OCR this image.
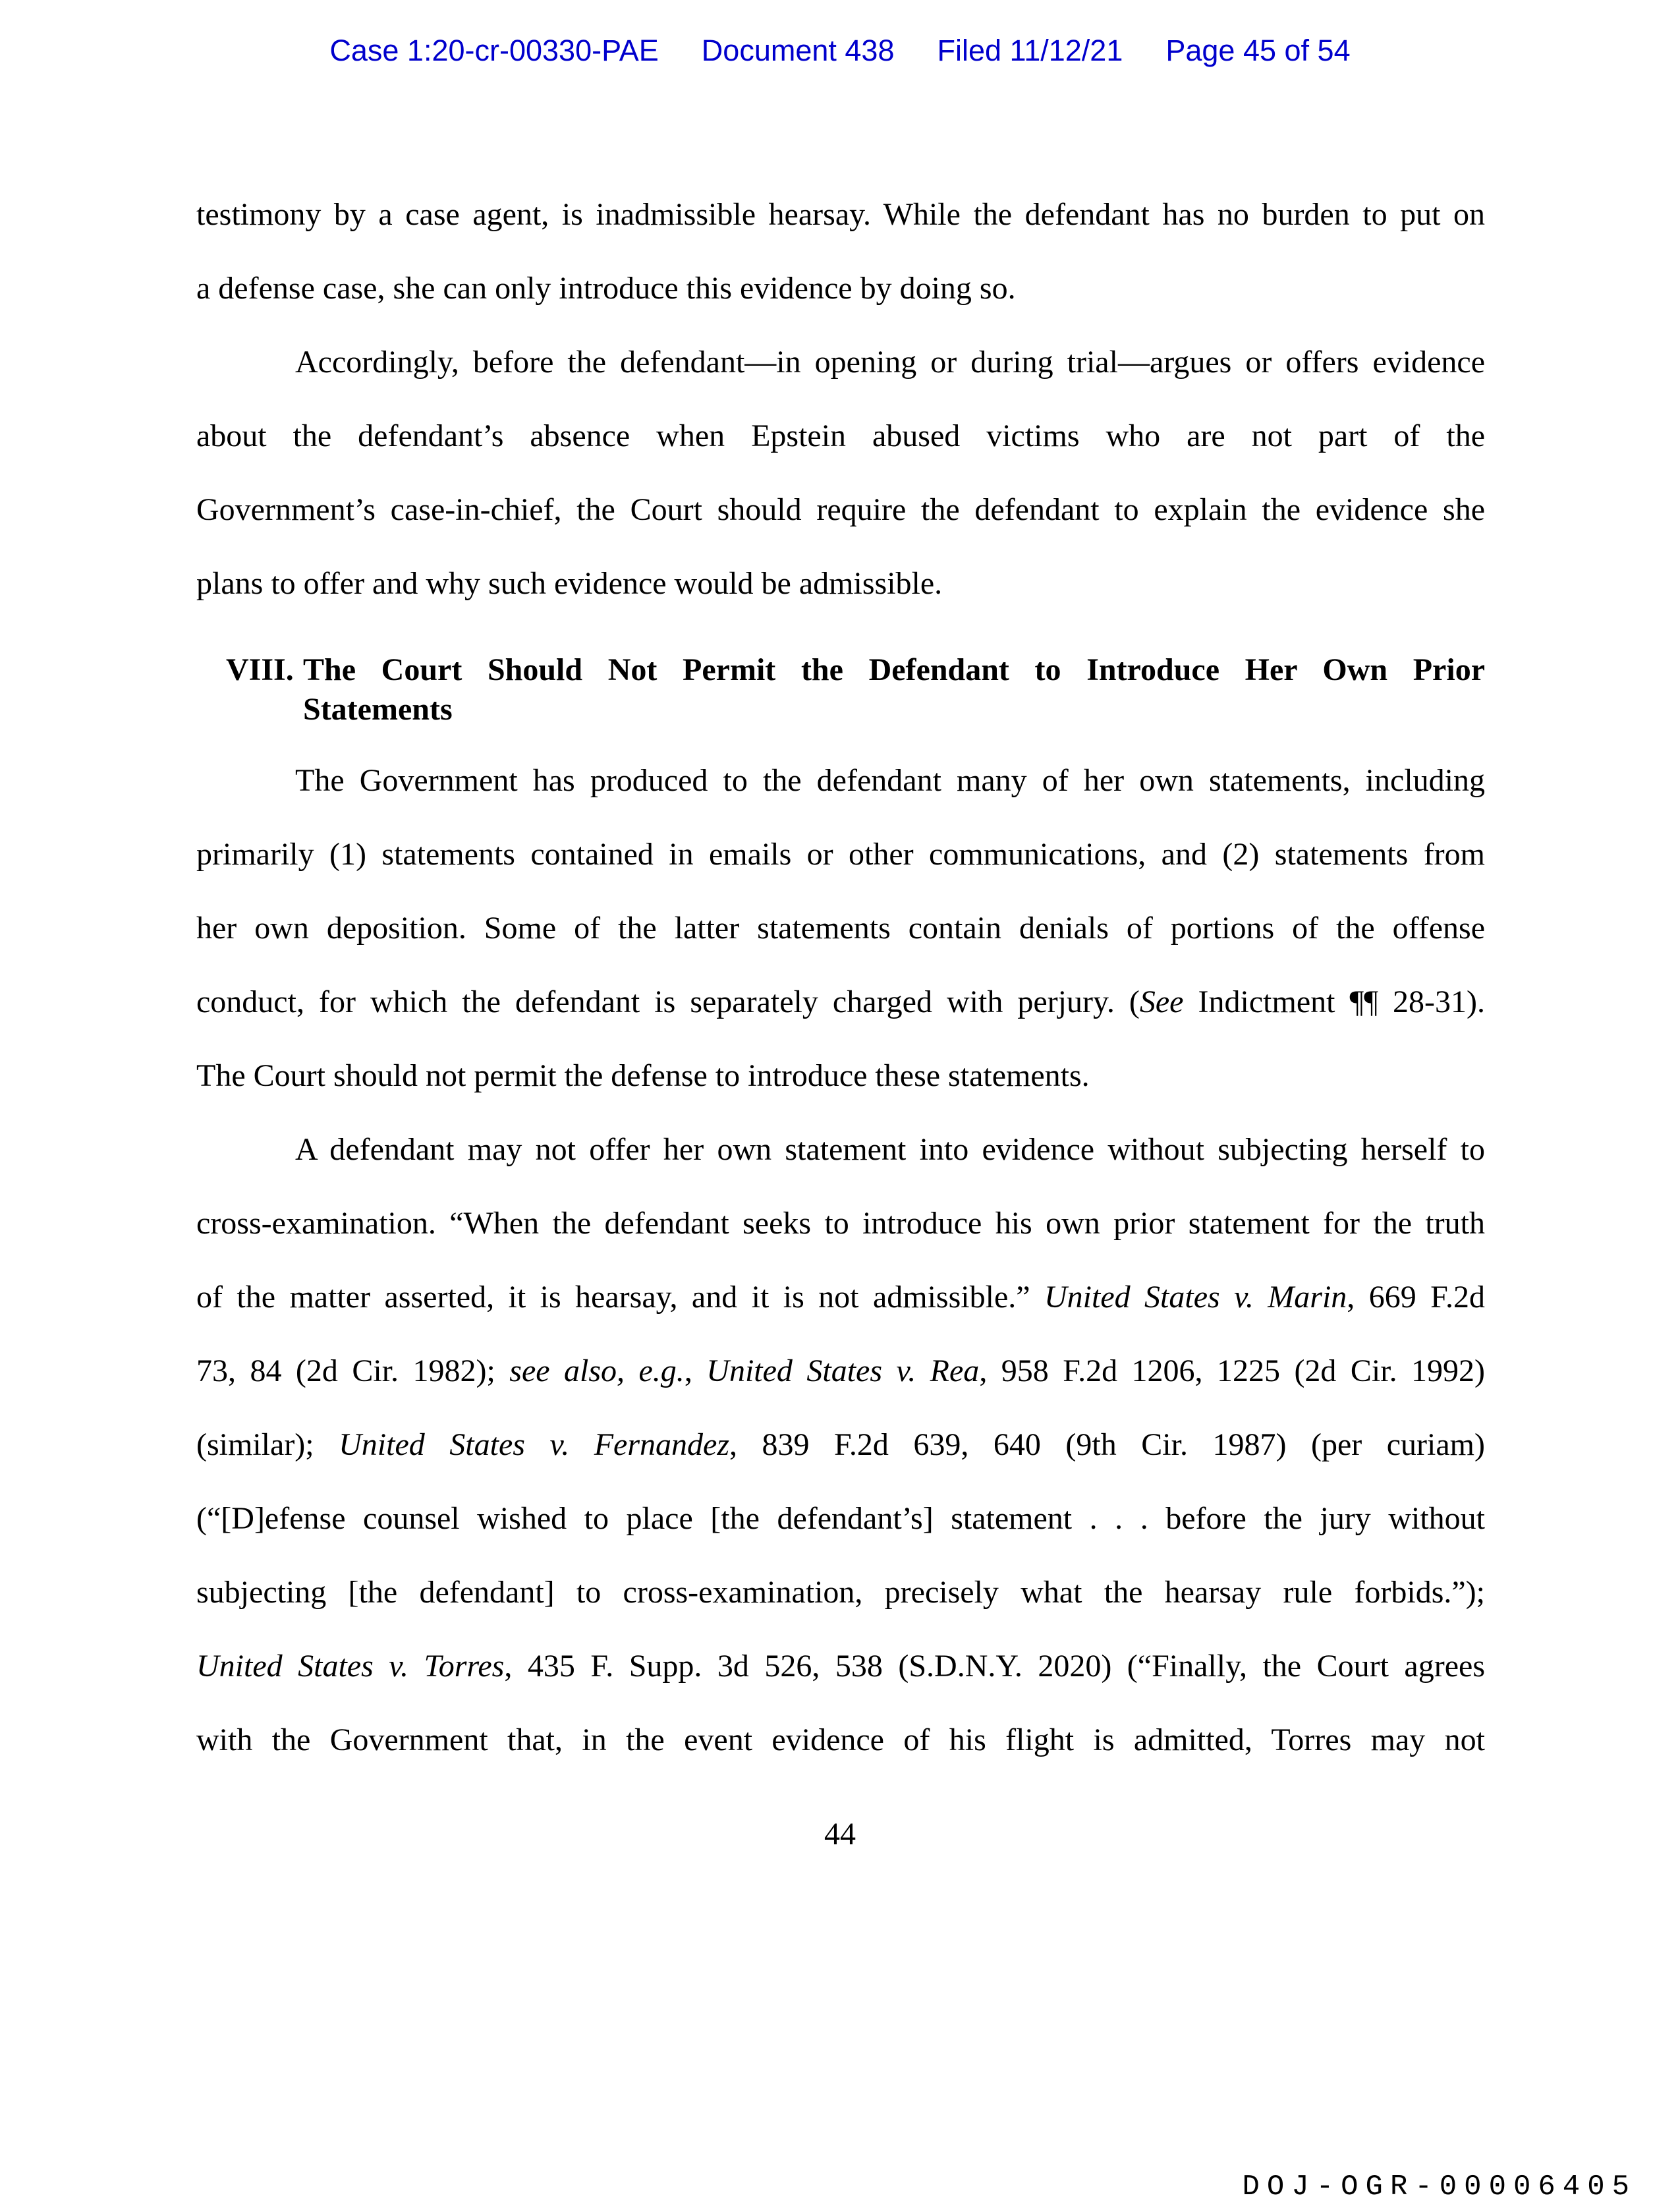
Case 1:20-cr-00330-PAE Document 438 Filed 11/12/21 Page 45 of 54
testimony by a case agent, is inadmissible hearsay. While the defendant has no burden to put on
a defense case, she can only introduce this evidence by doing so.
Accordingly, before the defendant—in opening or during trial—argues or offers evidence
about the defendant’s absence when Epstein abused victims who are not part of the
Government’s case-in-chief, the Court should require the defendant to explain the evidence she
plans to offer and why such evidence would be admissible.
VIII. The Court Should Not Permit the Defendant to Introduce Her Own Prior
Statements
The Government has produced to the defendant many of her own statements, including
primarily (1) statements contained in emails or other communications, and (2) statements from
her own deposition. Some of the latter statements contain denials of portions of the offense
conduct, for which the defendant is separately charged with perjury. (See Indictment ¶¶ 28-31).
The Court should not permit the defense to introduce these statements.
A defendant may not offer her own statement into evidence without subjecting herself to
cross-examination. “When the defendant seeks to introduce his own prior statement for the truth
of the matter asserted, it is hearsay, and it is not admissible.” United States v. Marin, 669 F.2d
73, 84 (2d Cir. 1982); see also, e.g., United States v. Rea, 958 F.2d 1206, 1225 (2d Cir. 1992)
(similar); United States v. Fernandez, 839 F.2d 639, 640 (9th Cir. 1987) (per curiam)
(“[D]efense counsel wished to place [the defendant’s] statement . . . before the jury without
subjecting [the defendant] to cross-examination, precisely what the hearsay rule forbids.”);
United States v. Torres, 435 F. Supp. 3d 526, 538 (S.D.N.Y. 2020) (“Finally, the Court agrees
with the Government that, in the event evidence of his flight is admitted, Torres may not
44
DOJ-OGR-00006405
